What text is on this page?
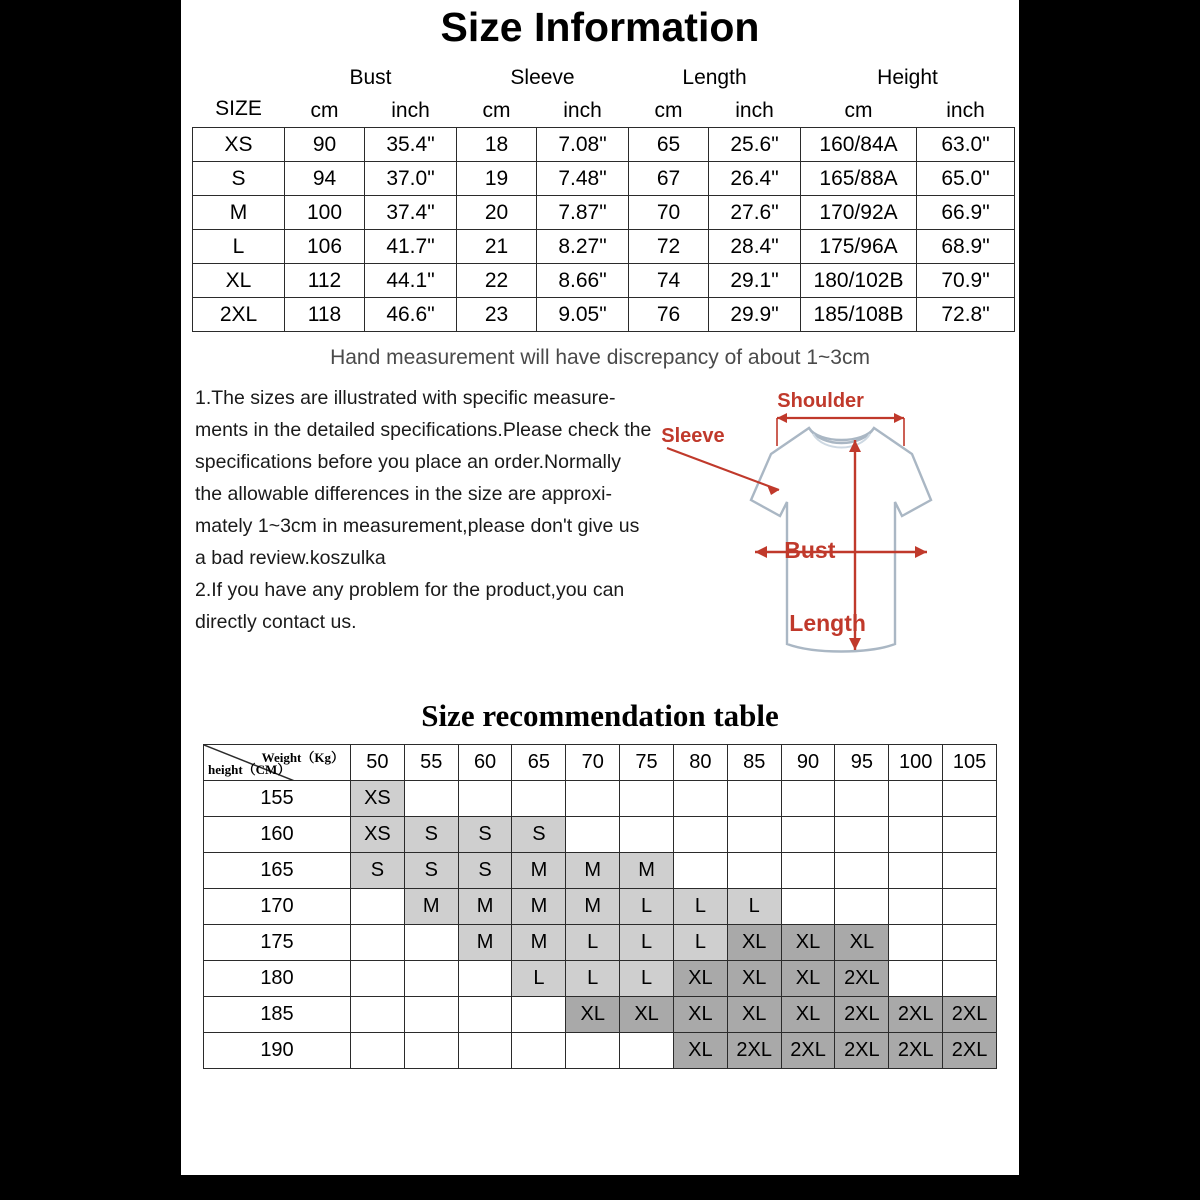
Size Information
SIZE	Bust		Sleeve		Length		Height	
	cm	inch	cm	inch	cm	inch	cm	inch
XS	90	35.4"	18	7.08"	65	25.6"	160/84A	63.0"
S	94	37.0"	19	7.48"	67	26.4"	165/88A	65.0"
M	100	37.4"	20	7.87"	70	27.6"	170/92A	66.9"
L	106	41.7"	21	8.27"	72	28.4"	175/96A	68.9"
XL	112	44.1"	22	8.66"	74	29.1"	180/102B	70.9"
2XL	118	46.6"	23	9.05"	76	29.9"	185/108B	72.8"
Hand measurement will have discrepancy of about 1~3cm

1.The sizes are illustrated with specific measure-

ments in the detailed specifications.Please check the

specifications before you place an order.Normally

the allowable differences in the size are approxi-

mately 1~3cm in measurement,please don't give us

a bad review.koszulka

2.If you have any problem for the product,you can

directly contact us.

Shoulder
Sleeve
Bust
Length
Size recommendation table
Weight（Kg）
height（CM）	50	55	60	65	70	75	80	85	90	95	100	105
155	XS											
160	XS	S	S	S								
165	S	S	S	M	M	M						
170		M	M	M	M	L	L	L				
175			M	M	L	L	L	XL	XL	XL		
180				L	L	L	XL	XL	XL	2XL		
185					XL	XL	XL	XL	XL	2XL	2XL	2XL
190							XL	2XL	2XL	2XL	2XL	2XL
